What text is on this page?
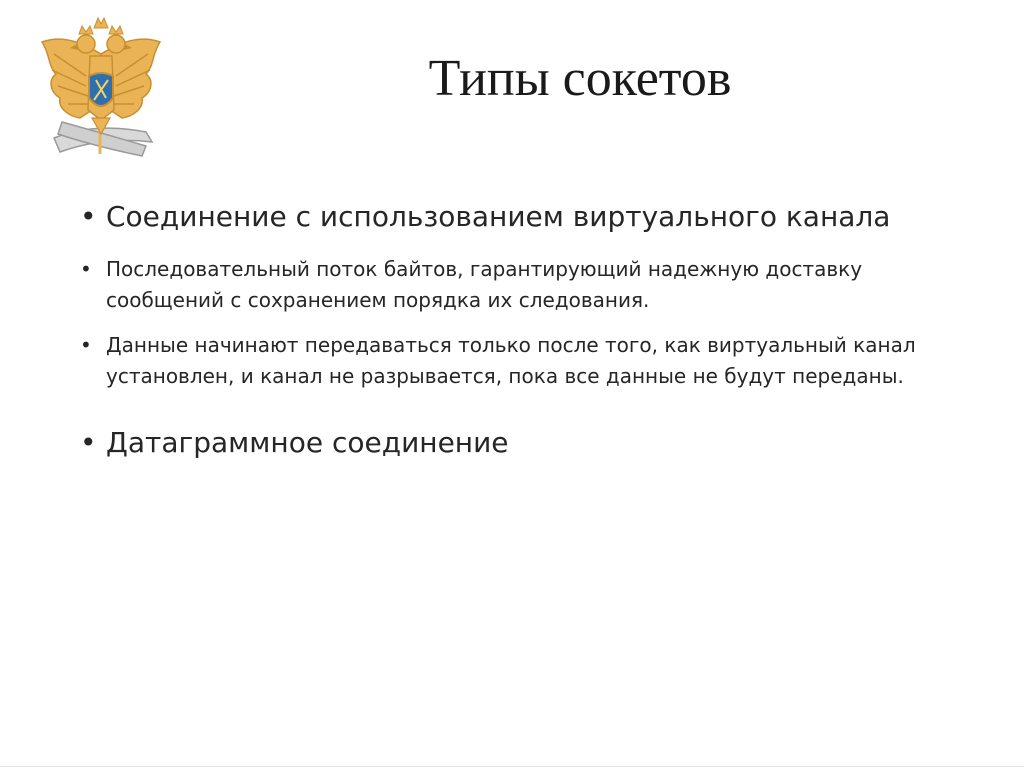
Типы сокетов
• Соединение с использованием виртуального канала
• Последовательный поток байтов, гарантирующий надежную доставку сообщений с сохранением порядка их следования.
• Данные начинают передаваться только после того, как виртуальный канал установлен, и канал не разрывается, пока все данные не будут переданы.
• Датаграммное соединение
